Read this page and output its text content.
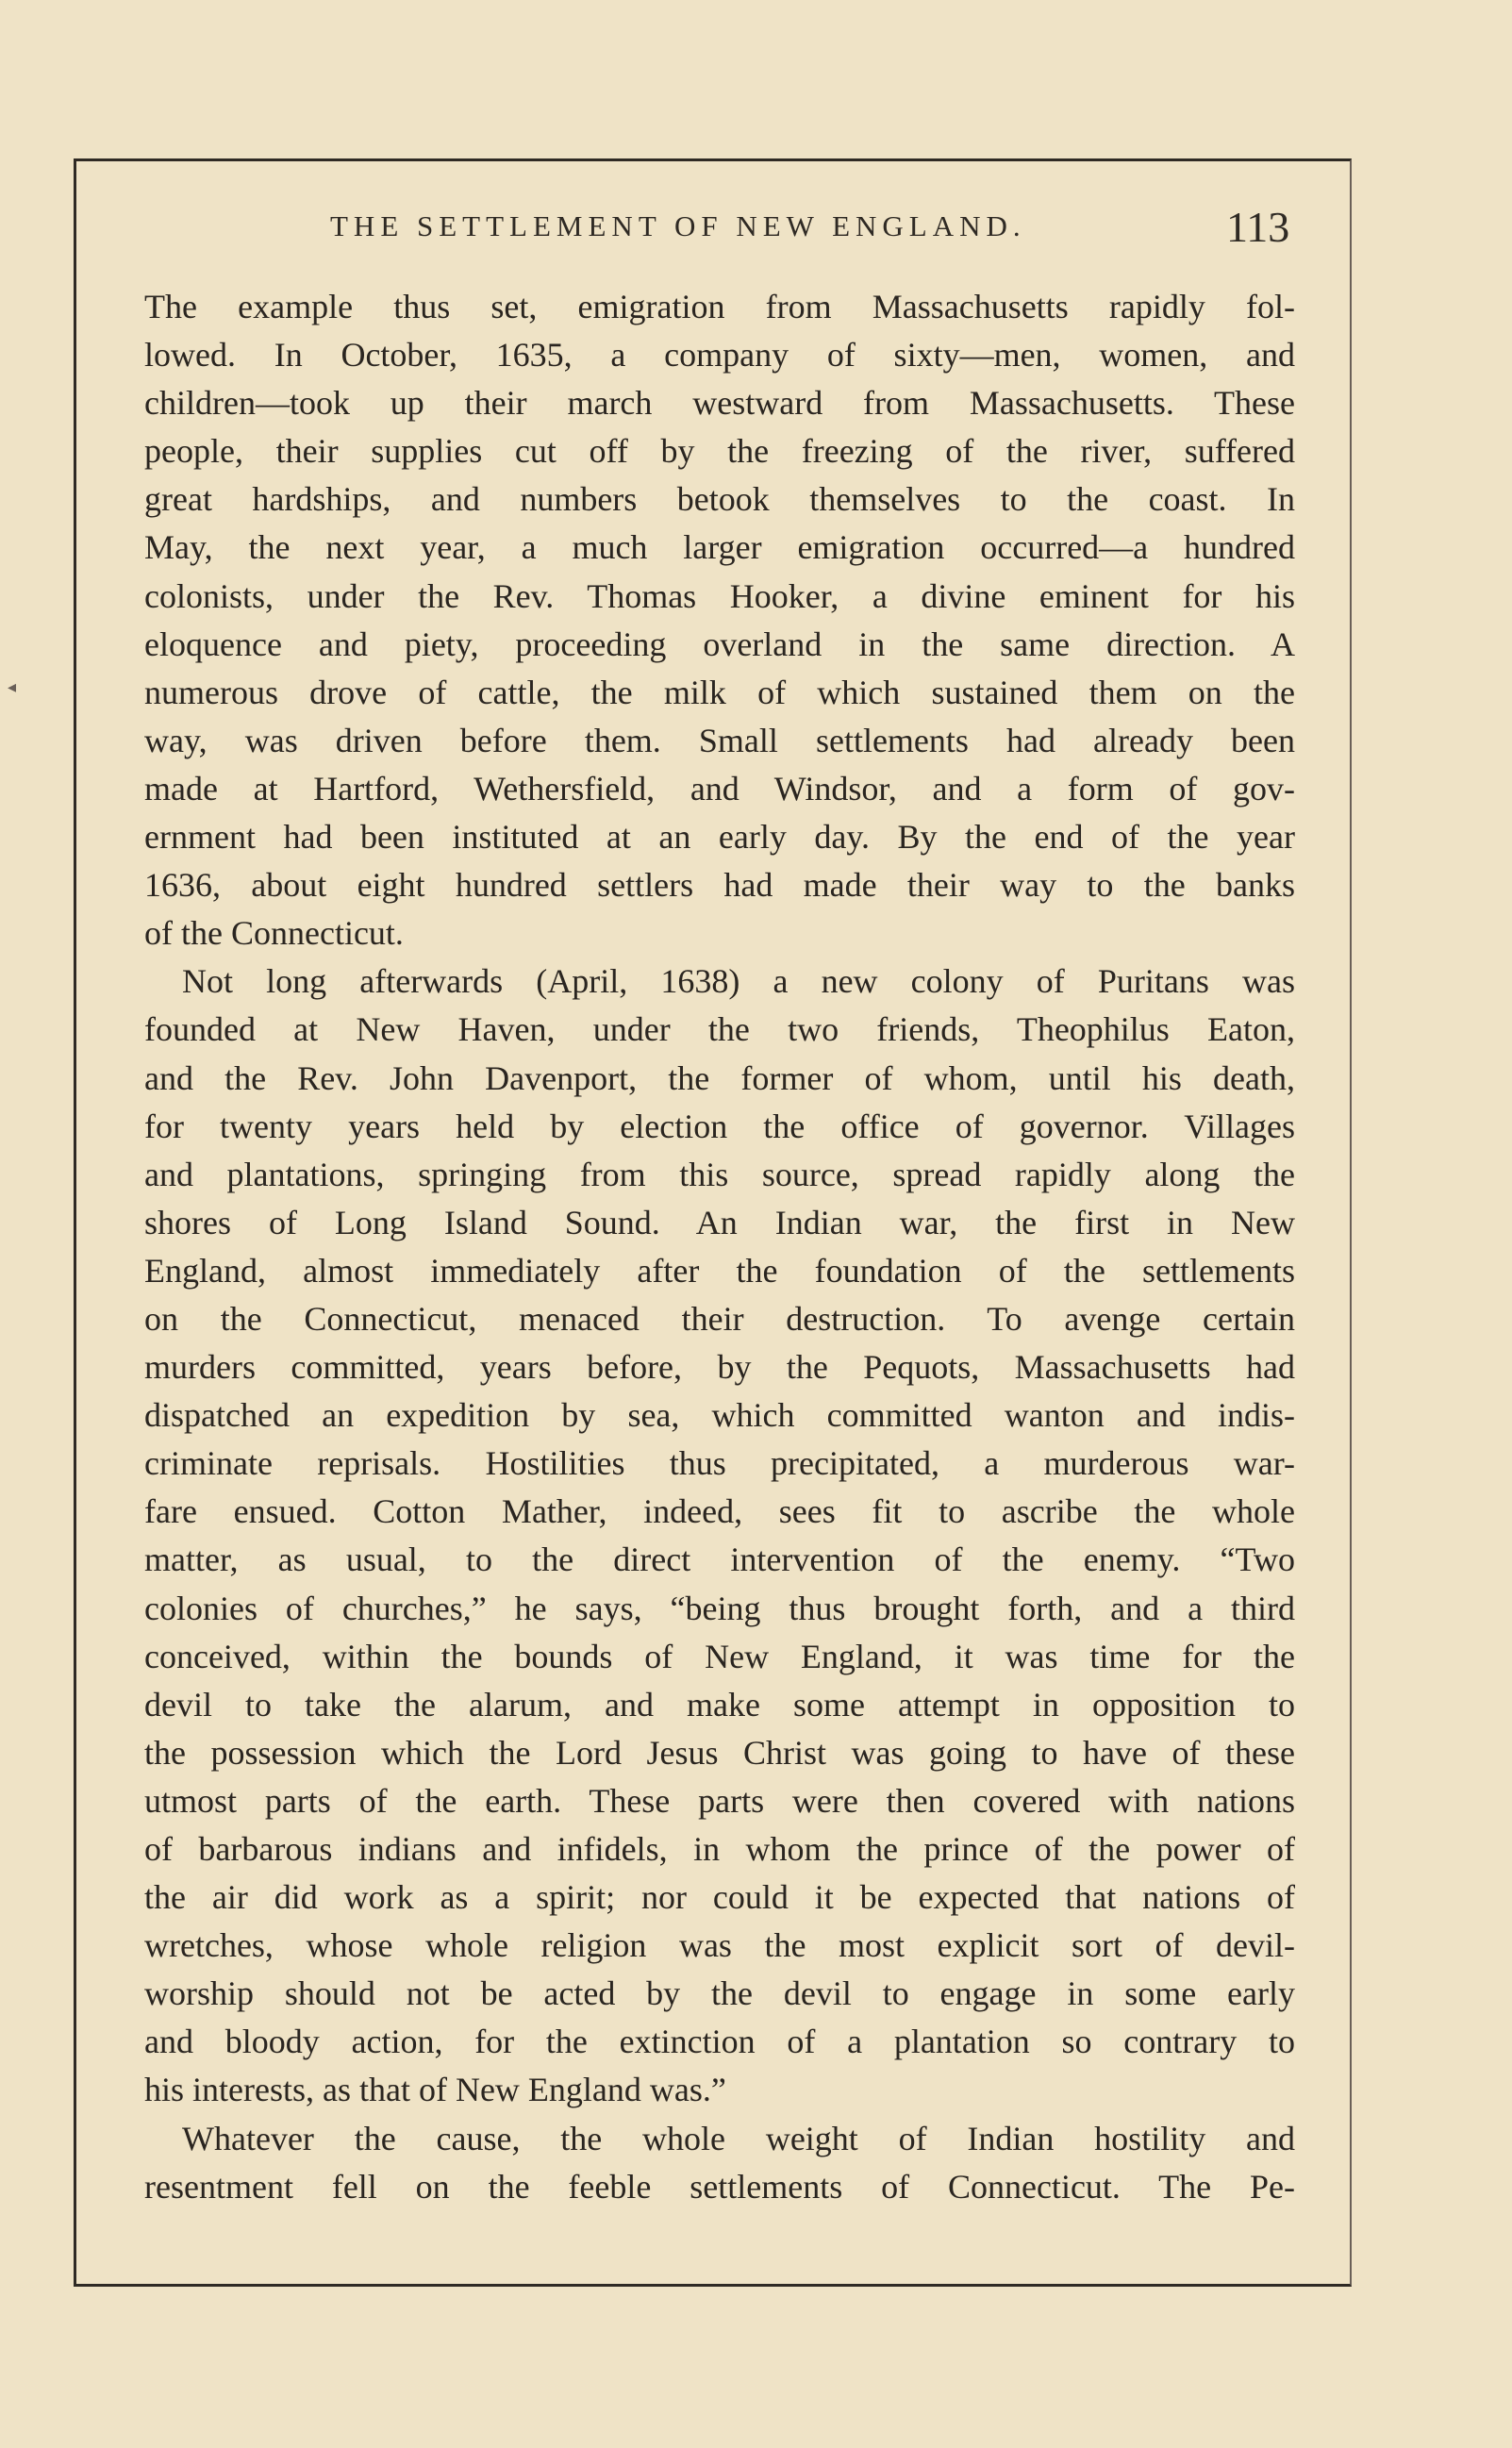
THE SETTLEMENT OF NEW ENGLAND.	113
◂
The example thus set, emigration from Massachusetts rapidly fol-
lowed. In October, 1635, a company of sixty—men, women, and
children—took up their march westward from Massachusetts. These
people, their supplies cut off by the freezing of the river, suffered
great hardships, and numbers betook themselves to the coast. In
May, the next year, a much larger emigration occurred—a hundred
colonists, under the Rev. Thomas Hooker, a divine eminent for his
eloquence and piety, proceeding overland in the same direction. A
numerous drove of cattle, the milk of which sustained them on the
way, was driven before them. Small settlements had already been
made at Hartford, Wethersfield, and Windsor, and a form of gov-
ernment had been instituted at an early day. By the end of the year
1636, about eight hundred settlers had made their way to the banks
of the Connecticut.
Not long afterwards (April, 1638) a new colony of Puritans was
founded at New Haven, under the two friends, Theophilus Eaton,
and the Rev. John Davenport, the former of whom, until his death,
for twenty years held by election the office of governor. Villages
and plantations, springing from this source, spread rapidly along the
shores of Long Island Sound. An Indian war, the first in New
England, almost immediately after the foundation of the settlements
on the Connecticut, menaced their destruction. To avenge certain
murders committed, years before, by the Pequots, Massachusetts had
dispatched an expedition by sea, which committed wanton and indis-
criminate reprisals. Hostilities thus precipitated, a murderous war-
fare ensued. Cotton Mather, indeed, sees fit to ascribe the whole
matter, as usual, to the direct intervention of the enemy. “Two
colonies of churches,” he says, “being thus brought forth, and a third
conceived, within the bounds of New England, it was time for the
devil to take the alarum, and make some attempt in opposition to
the possession which the Lord Jesus Christ was going to have of these
utmost parts of the earth. These parts were then covered with nations
of barbarous indians and infidels, in whom the prince of the power of
the air did work as a spirit; nor could it be expected that nations of
wretches, whose whole religion was the most explicit sort of devil-
worship should not be acted by the devil to engage in some early
and bloody action, for the extinction of a plantation so contrary to
his interests, as that of New England was.”
Whatever the cause, the whole weight of Indian hostility and
resentment fell on the feeble settlements of Connecticut. The Pe-
